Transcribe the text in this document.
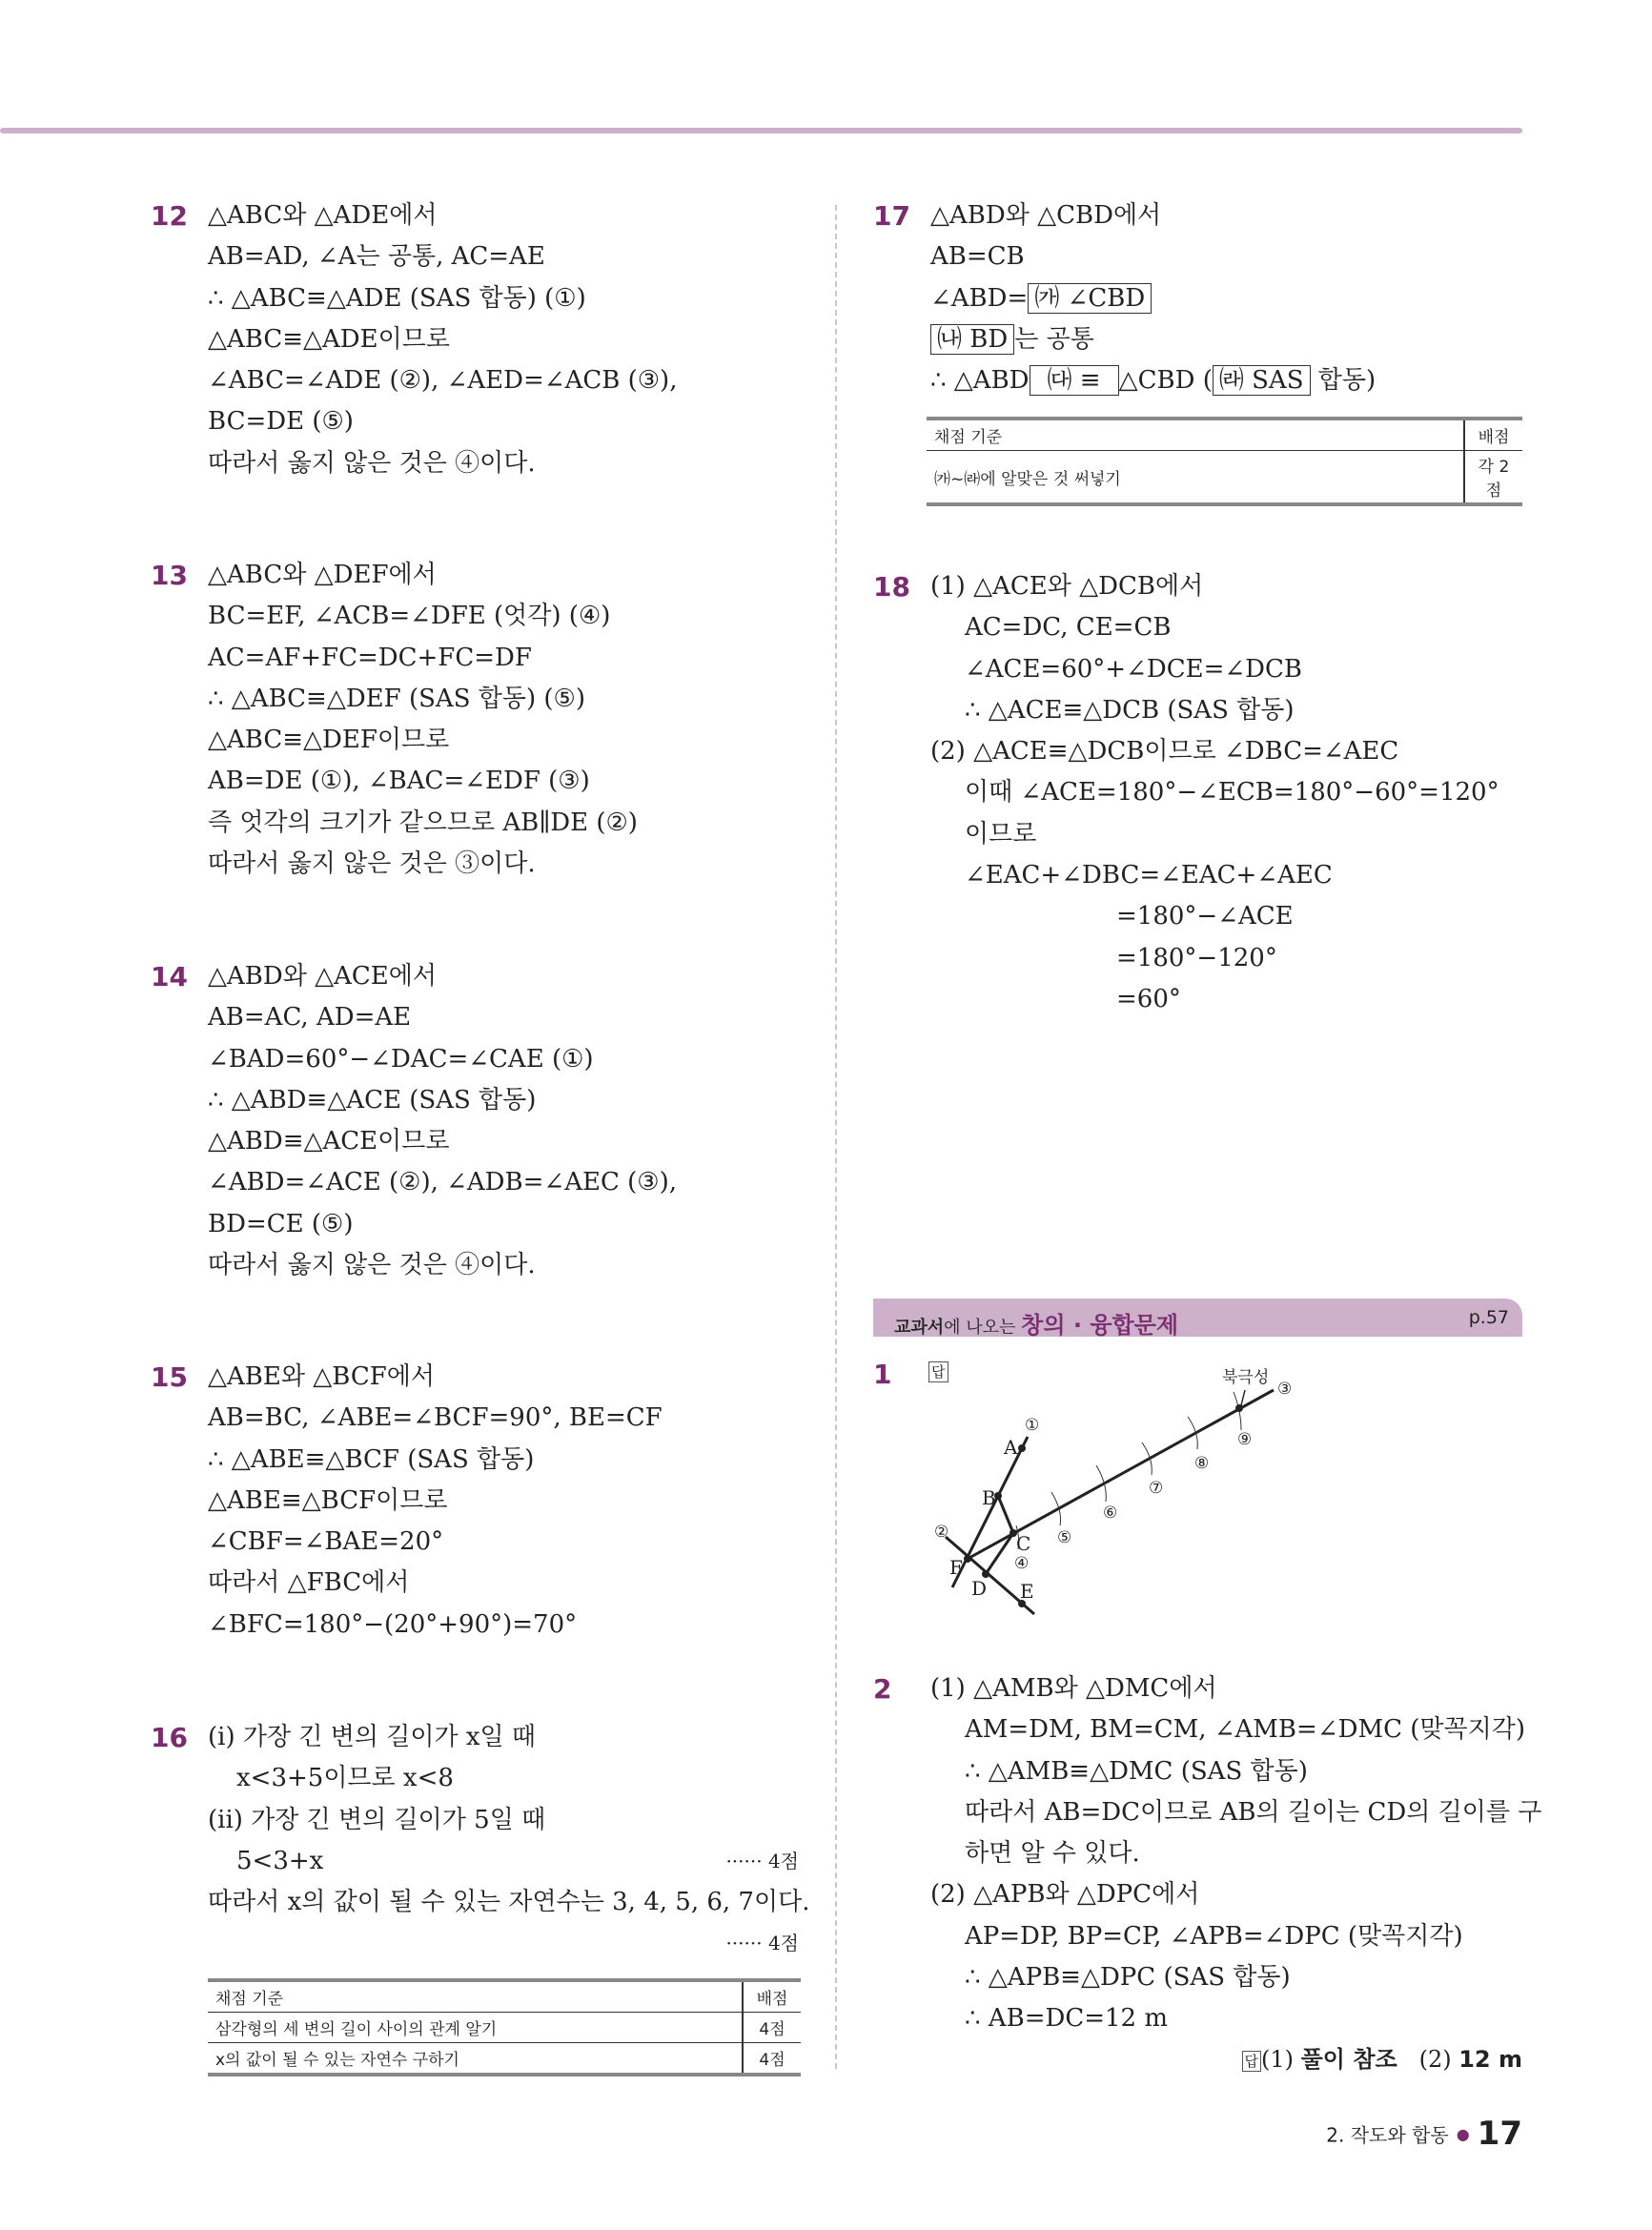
12 △ABC와 △ADE에서
AB=AD, ∠A는 공통, AC=AE
∴ △ABC≡△ADE (SAS 합동) (①)
△ABC≡△ADE이므로
∠ABC=∠ADE (②), ∠AED=∠ACB (③),
BC=DE (⑤)
따라서 옳지 않은 것은 ④이다.
13 △ABC와 △DEF에서
BC=EF, ∠ACB=∠DFE (엇각) (④)
AC=AF+FC=DC+FC=DF
∴ △ABC≡△DEF (SAS 합동) (⑤)
△ABC≡△DEF이므로
AB=DE (①), ∠BAC=∠EDF (③)
즉 엇각의 크기가 같으므로 AB∥DE (②)
따라서 옳지 않은 것은 ③이다.
14 △ABD와 △ACE에서
AB=AC, AD=AE
∠BAD=60°−∠DAC=∠CAE (①)
∴ △ABD≡△ACE (SAS 합동)
△ABD≡△ACE이므로
∠ABD=∠ACE (②), ∠ADB=∠AEC (③),
BD=CE (⑤)
따라서 옳지 않은 것은 ④이다.
15 △ABE와 △BCF에서
AB=BC, ∠ABE=∠BCF=90°, BE=CF
∴ △ABE≡△BCF (SAS 합동)
△ABE≡△BCF이므로
∠CBF=∠BAE=20°
따라서 △FBC에서
∠BFC=180°−(20°+90°)=70°
16 (i) 가장 긴 변의 길이가 x일 때
x<3+5이므로 x<8
(ii) 가장 긴 변의 길이가 5일 때
5<3+x	······ 4점
따라서 x의 값이 될 수 있는 자연수는 3, 4, 5, 6, 7이다.
······ 4점
채점 기준	배점
삼각형의 세 변의 길이 사이의 관계 알기	4점
x의 값이 될 수 있는 자연수 구하기	4점
17 △ABD와 △CBD에서
AB=CB
∠ABD= ㈎ ∠CBD
㈏ BD 는 공통
∴ △ABD ㈐ ≡ △CBD ( ㈑ SAS 합동)
채점 기준	배점
㈎~㈑에 알맞은 것 써넣기	각 2점
18 (1) △ACE와 △DCB에서
AC=DC, CE=CB
∠ACE=60°+∠DCE=∠DCB
∴ △ACE≡△DCB (SAS 합동)
(2) △ACE≡△DCB이므로 ∠DBC=∠AEC
이때 ∠ACE=180°−∠ECB=180°−60°=120°
이므로
∠EAC+∠DBC=∠EAC+∠AEC
=180°−∠ACE
=180°−120°
=60°
교과서에 나오는 창의 · 융합문제	p.57
1	답
A
B
C
F
D E
북극성
①
②
③
④
⑤
⑥
⑦
⑧
⑨
2 (1) △AMB와 △DMC에서
AM=DM, BM=CM, ∠AMB=∠DMC (맞꼭지각)
∴ △AMB≡△DMC (SAS 합동)
따라서 AB=DC이므로 AB의 길이는 CD의 길이를 구
하면 알 수 있다.
(2) △APB와 △DPC에서
AP=DP, BP=CP, ∠APB=∠DPC (맞꼭지각)
∴ △APB≡△DPC (SAS 합동)
∴ AB=DC=12 m
답 (1) 풀이 참조   (2) 12 m
2. 작도와 합동 ● 17
